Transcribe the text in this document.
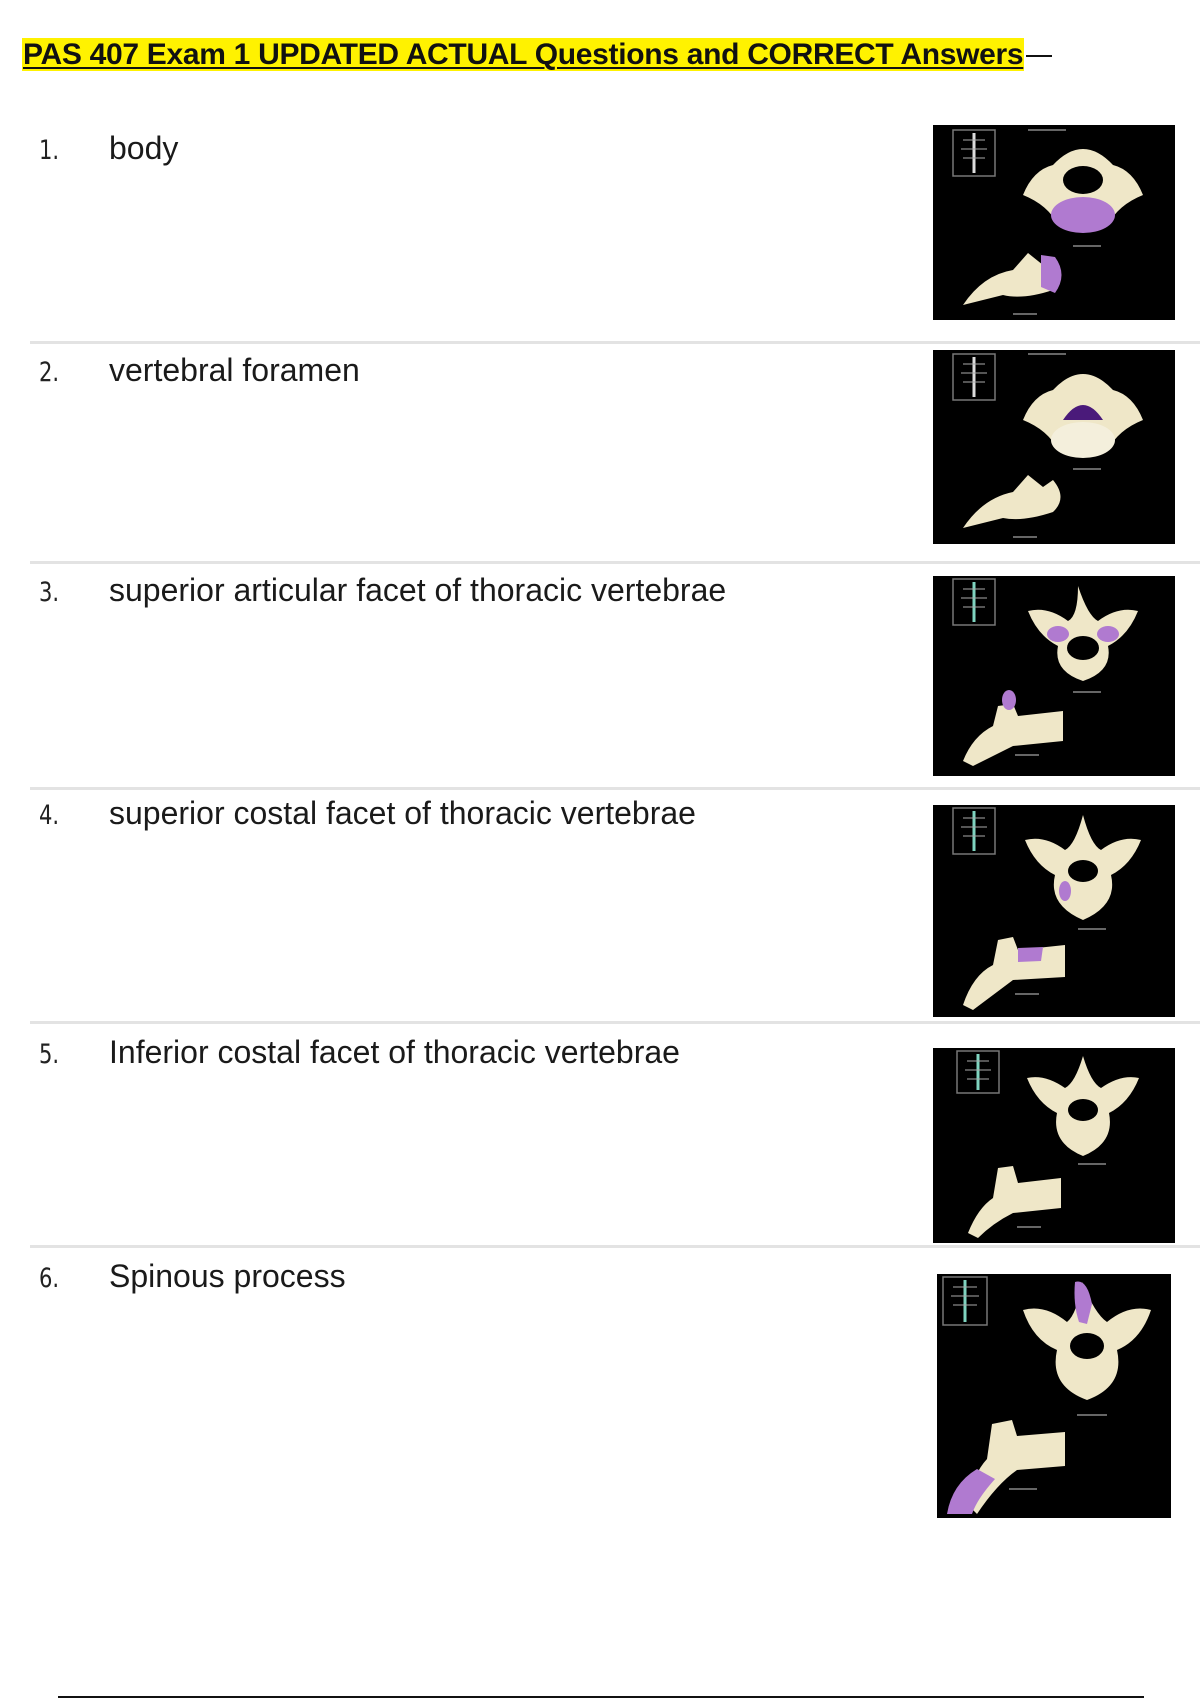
PAS 407 Exam 1 UPDATED ACTUAL Questions and CORRECT Answers
1. body
2. vertebral foramen
3. superior articular facet of thoracic vertebrae
4. superior costal facet of thoracic vertebrae
5. Inferior costal facet of thoracic vertebrae
6. Spinous process
